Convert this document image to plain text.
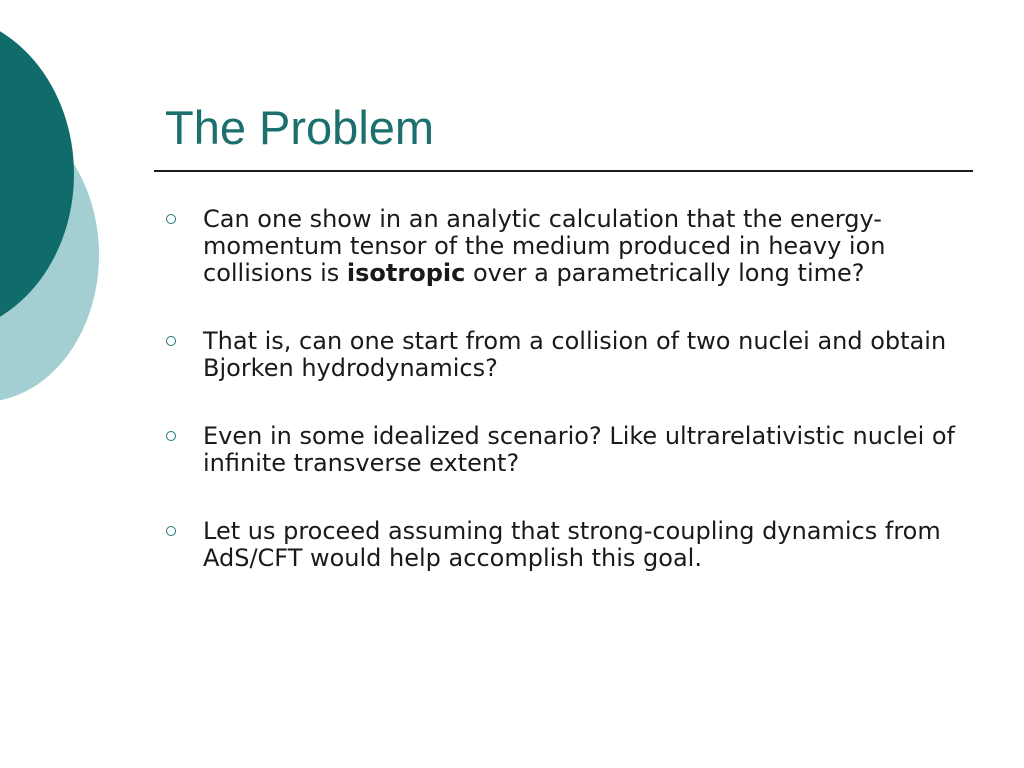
The Problem
Can one show in an analytic calculation that the energy-momentum tensor of the medium produced in heavy ion collisions is isotropic over a parametrically long time?
That is, can one start from a collision of two nuclei and obtain Bjorken hydrodynamics?
Even in some idealized scenario? Like ultrarelativistic nuclei of infinite transverse extent?
Let us proceed assuming that strong-coupling dynamics from AdS/CFT would help accomplish this goal.
